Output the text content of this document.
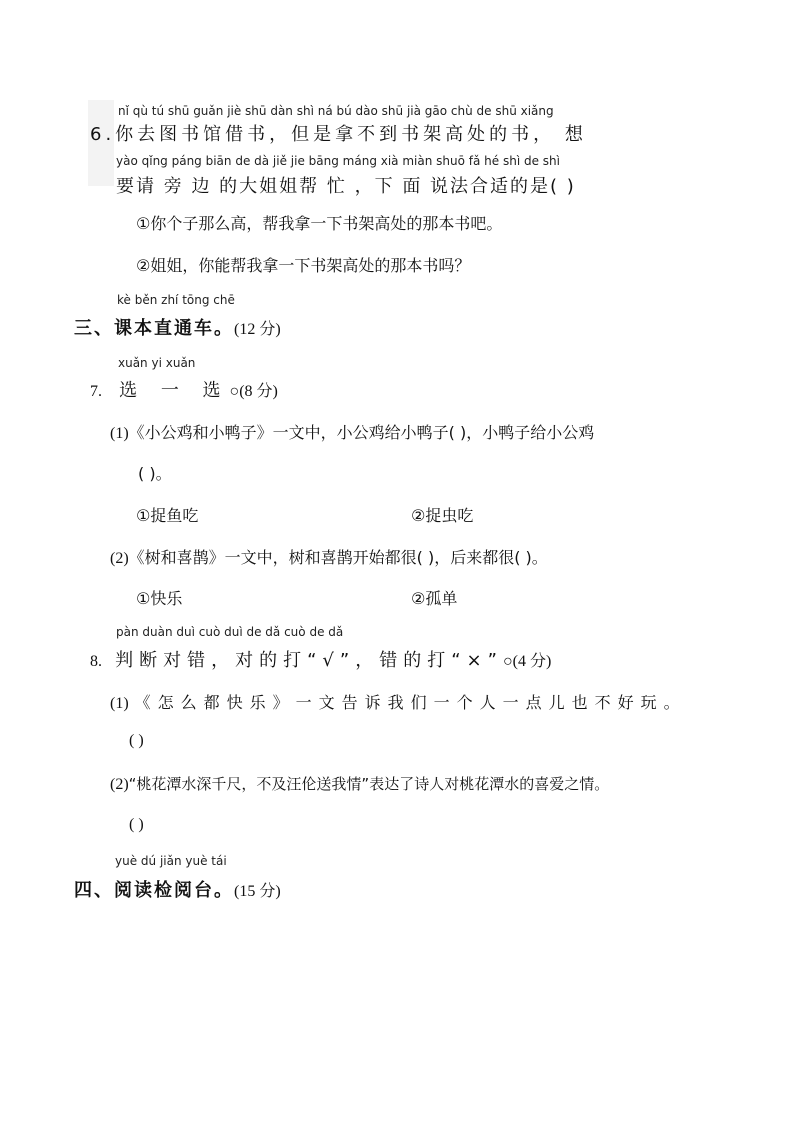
nǐ qù tú shū guǎn jiè shū dàn shì ná bú dào shū jià gāo chù de shū xiǎng
6.你去图书馆借书，但是拿不到书架高处的书， 想
yào qǐng páng biān de dà jiě jie bāng máng xià miàn shuō fǎ hé shì de shì
要请 旁 边 的大姐姐帮 忙 ，下 面 说法合适的是( )
①你个子那么高，帮我拿一下书架高处的那本书吧。
②姐姐，你能帮我拿一下书架高处的那本书吗？
kè běn zhí tōng chē
三、课本直通车。(12 分)
xuǎn yi xuǎn
7. 选 一 选○(8 分)
(1)《小公鸡和小鸭子》一文中，小公鸡给小鸭子( )，小鸭子给小公鸡
( )。
①捉鱼吃	②捉虫吃
(2)《树和喜鹊》一文中，树和喜鹊开始都很( )，后来都很( )。
①快乐	②孤单
pàn duàn duì cuò duì de dǎ cuò de dǎ
8. 判断对错，对的打“√”，错的打“×”○(4 分)
(1) 《怎么都快乐》一文告诉我们一个人一点儿也不好玩。
( )
(2)“桃花潭水深千尺，不及汪伦送我情”表达了诗人对桃花潭水的喜爱之情。
( )
yuè dú jiǎn yuè tái
四、阅读检阅台。(15 分)
